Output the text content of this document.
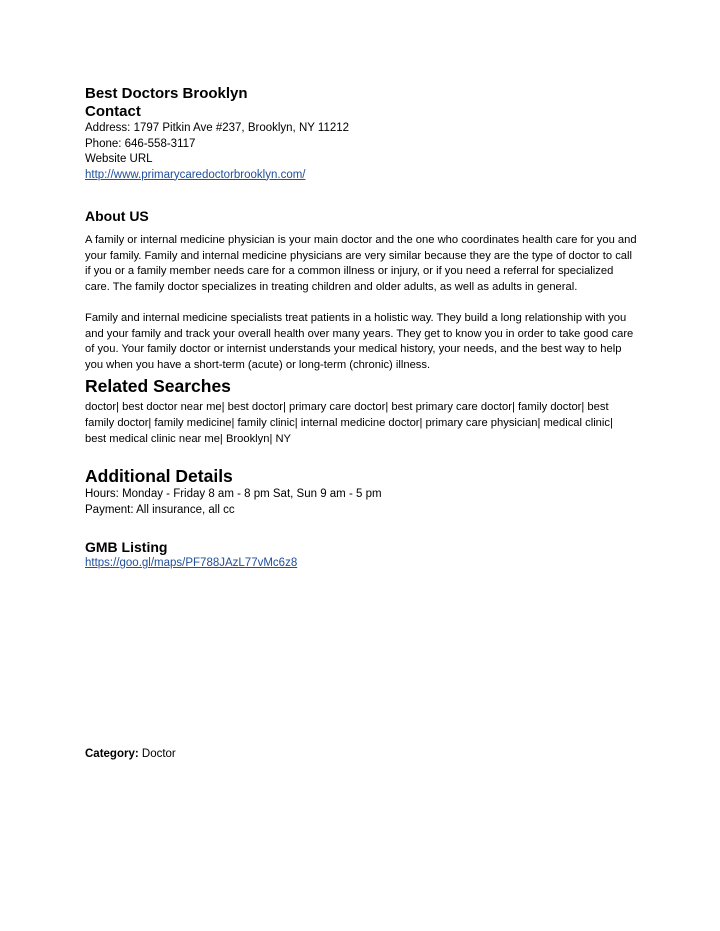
Best Doctors Brooklyn

Contact

Address: 1797 Pitkin Ave #237, Brooklyn, NY 11212

Phone: 646-558-3117

Website URL

http://www.primarycaredoctorbrooklyn.com/

About US

A family or internal medicine physician is your main doctor and the one who coordinates health care for you and your family. Family and internal medicine physicians are very similar because they are the type of doctor to call if you or a family member needs care for a common illness or injury, or if you need a referral for specialized care. The family doctor specializes in treating children and older adults, as well as adults in general.

Family and internal medicine specialists treat patients in a holistic way. They build a long relationship with you and your family and track your overall health over many years. They get to know you in order to take good care of you. Your family doctor or internist understands your medical history, your needs, and the best way to help you when you have a short-term (acute) or long-term (chronic) illness.

Related Searches

doctor| best doctor near me| best doctor| primary care doctor| best primary care doctor| family doctor| best family doctor| family medicine| family clinic| internal medicine doctor| primary care physician| medical clinic| best medical clinic near me| Brooklyn| NY

Additional Details

Hours: Monday - Friday 8 am - 8 pm Sat, Sun 9 am - 5 pm

Payment: All insurance, all cc

GMB Listing

https://goo.gl/maps/PF788JAzL77vMc6z8

Category: Doctor
